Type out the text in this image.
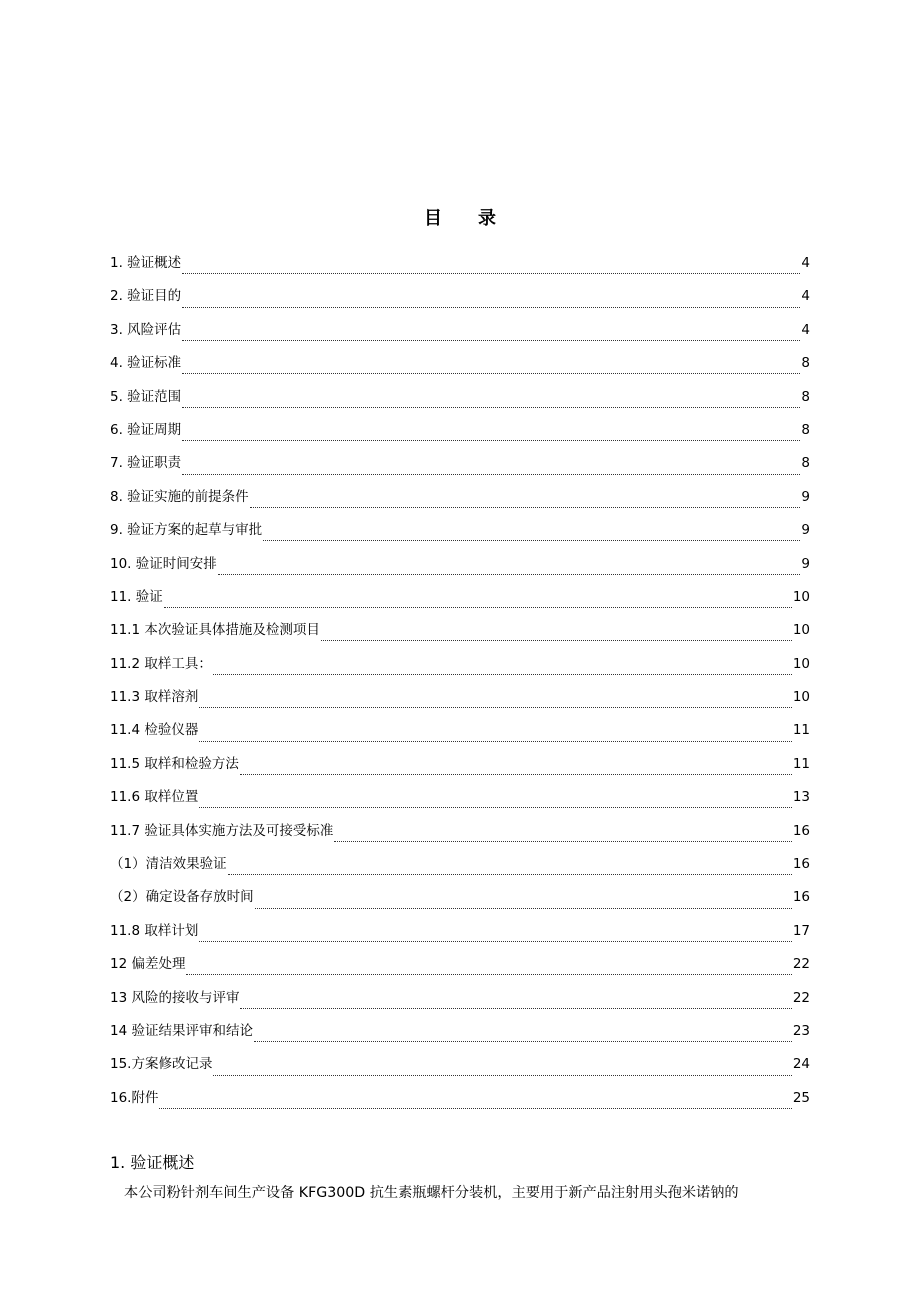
目 录
1. 验证概述	4
2. 验证目的	4
3. 风险评估	4
4. 验证标准	8
5. 验证范围	8
6. 验证周期	8
7. 验证职责	8
8. 验证实施的前提条件	9
9. 验证方案的起草与审批	9
10. 验证时间安排	9
11. 验证	10
11.1 本次验证具体措施及检测项目	10
11.2 取样工具：	10
11.3 取样溶剂	10
11.4 检验仪器	11
11.5 取样和检验方法	11
11.6 取样位置	13
11.7 验证具体实施方法及可接受标准	16
（1）清洁效果验证	16
（2）确定设备存放时间	16
11.8 取样计划	17
12 偏差处理	22
13 风险的接收与评审	22
14 验证结果评审和结论	23
15.方案修改记录	24
16.附件	25
1. 验证概述
本公司粉针剂车间生产设备 KFG300D 抗生素瓶螺杆分装机，主要用于新产品注射用头孢米诺钠的
